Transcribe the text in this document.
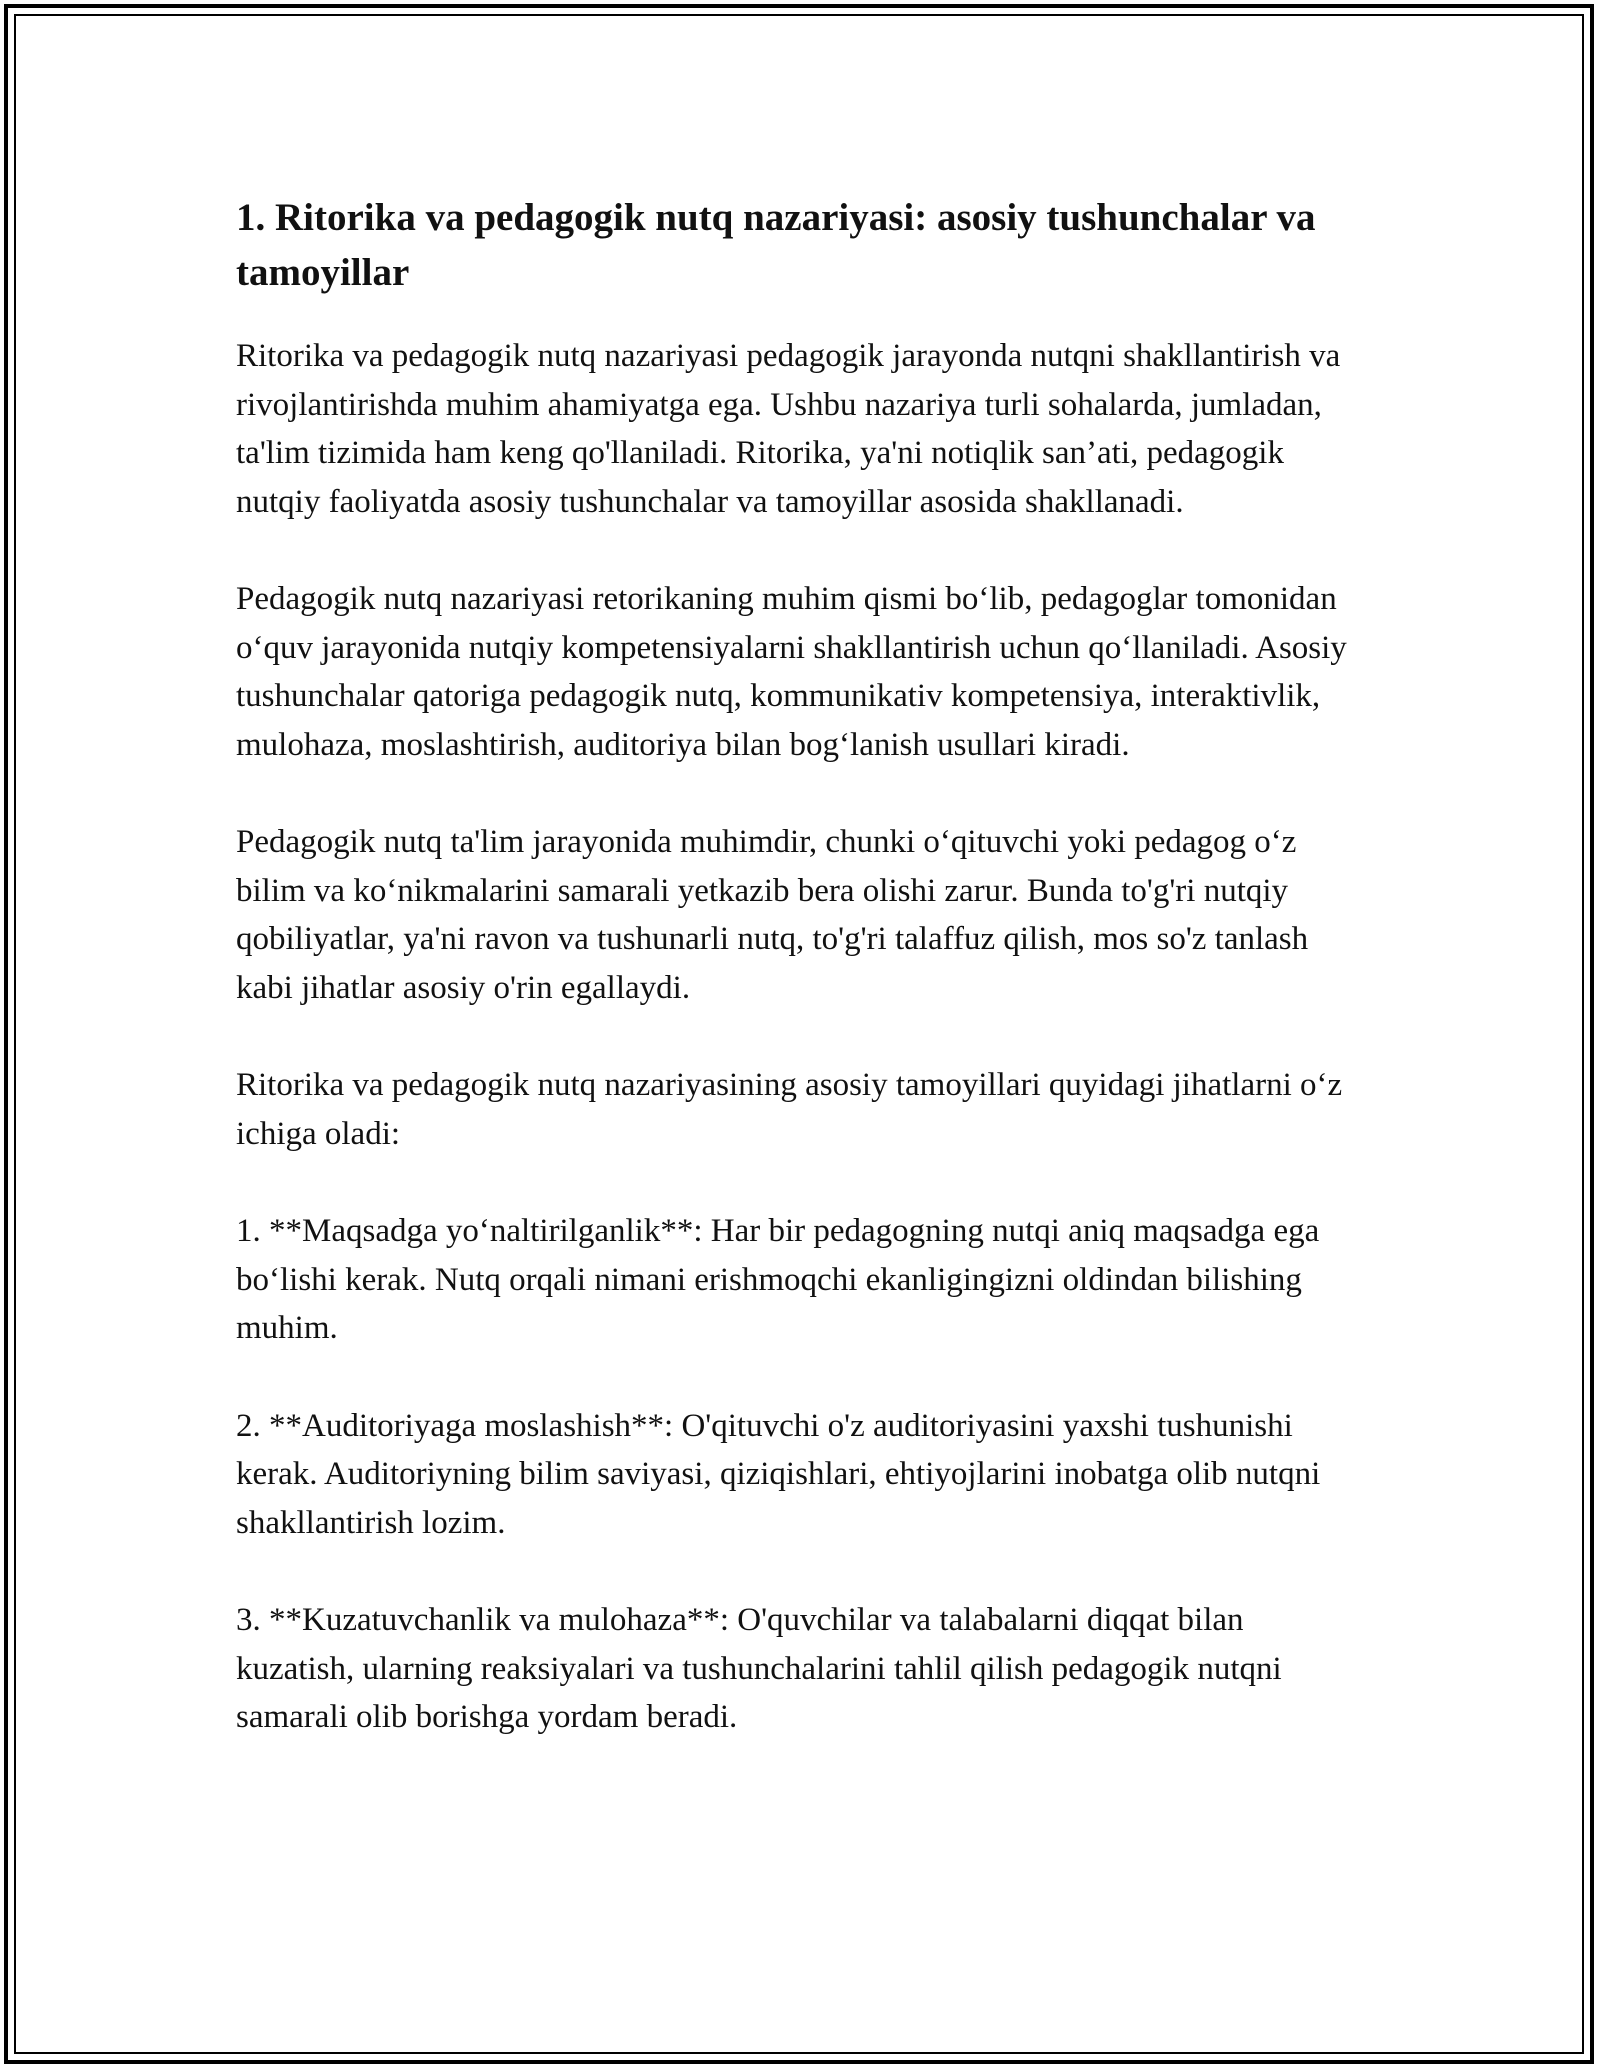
1. Ritorika va pedagogik nutq nazariyasi: asosiy tushunchalar va tamoyillar

Ritorika va pedagogik nutq nazariyasi pedagogik jarayonda nutqni shakllantirish va rivojlantirishda muhim ahamiyatga ega. Ushbu nazariya turli sohalarda, jumladan, ta'lim tizimida ham keng qo'llaniladi. Ritorika, ya'ni notiqlik san’ati, pedagogik nutqiy faoliyatda asosiy tushunchalar va tamoyillar asosida shakllanadi.

Pedagogik nutq nazariyasi retorikaning muhim qismi bo‘lib, pedagoglar tomonidan o‘quv jarayonida nutqiy kompetensiyalarni shakllantirish uchun qo‘llaniladi. Asosiy tushunchalar qatoriga pedagogik nutq, kommunikativ kompetensiya, interaktivlik, mulohaza, moslashtirish, auditoriya bilan bog‘lanish usullari kiradi.

Pedagogik nutq ta'lim jarayonida muhimdir, chunki o‘qituvchi yoki pedagog o‘z bilim va ko‘nikmalarini samarali yetkazib bera olishi zarur. Bunda to'g'ri nutqiy qobiliyatlar, ya'ni ravon va tushunarli nutq, to'g'ri talaffuz qilish, mos so'z tanlash kabi jihatlar asosiy o'rin egallaydi.

Ritorika va pedagogik nutq nazariyasining asosiy tamoyillari quyidagi jihatlarni o‘z ichiga oladi:

1. **Maqsadga yo‘naltirilganlik**: Har bir pedagogning nutqi aniq maqsadga ega bo‘lishi kerak. Nutq orqali nimani erishmoqchi ekanligingizni oldindan bilishing muhim.

2. **Auditoriyaga moslashish**: O'qituvchi o'z auditoriyasini yaxshi tushunishi kerak. Auditoriyning bilim saviyasi, qiziqishlari, ehtiyojlarini inobatga olib nutqni shakllantirish lozim.

3. **Kuzatuvchanlik va mulohaza**: O'quvchilar va talabalarni diqqat bilan kuzatish, ularning reaksiyalari va tushunchalarini tahlil qilish pedagogik nutqni samarali olib borishga yordam beradi.
